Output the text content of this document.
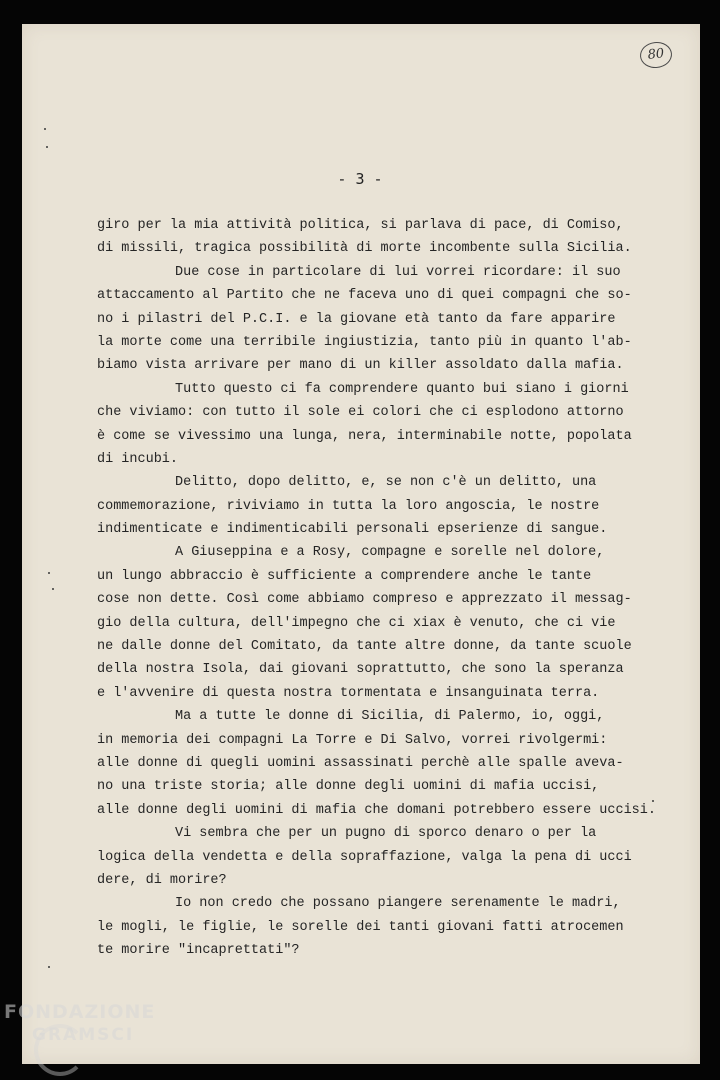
80
- 3 -
giro per la mia attività politica, si parlava di pace, di Comiso,
di missili, tragica possibilità di morte incombente sulla Sicilia.
Due cose in particolare di lui vorrei ricordare: il suo
attaccamento al Partito che ne faceva uno di quei compagni che so-
no i pilastri del P.C.I. e la giovane età tanto da fare apparire
la morte come una terribile ingiustizia, tanto più in quanto l'ab-
biamo vista arrivare per mano di un killer assoldato dalla mafia.
Tutto questo ci fa comprendere quanto bui siano i giorni
che viviamo: con tutto il sole ei colori che ci esplodono attorno
è come se vivessimo una lunga, nera, interminabile notte, popolata
di incubi.
Delitto, dopo delitto, e, se non c'è un delitto, una
commemorazione, riviviamo in tutta la loro angoscia, le nostre
indimenticate e indimenticabili personali epserienze di sangue.
A Giuseppina e a Rosy, compagne e sorelle nel dolore,
un lungo abbraccio è sufficiente a comprendere anche le tante
cose non dette. Così come abbiamo compreso e apprezzato il messag-
gio della cultura, dell'impegno che ci xiax è venuto, che ci vie
ne dalle donne del Comitato, da tante altre donne, da tante scuole
della nostra Isola, dai giovani soprattutto, che sono la speranza
e l'avvenire di questa nostra tormentata e insanguinata terra.
Ma a tutte le donne di Sicilia, di Palermo, io, oggi,
in memoria dei compagni La Torre e Di Salvo, vorrei rivolgermi:
alle donne di quegli uomini assassinati perchè alle spalle aveva-
no una triste storia; alle donne degli uomini di mafia uccisi,
alle donne degli uomini di mafia che domani potrebbero essere uccisi.
Vi sembra che per un pugno di sporco denaro o per la
logica della vendetta e della sopraffazione, valga la pena di ucci
dere, di morire?
Io non credo che possano piangere serenamente le madri,
le mogli, le figlie, le sorelle dei tanti giovani fatti atrocemen
te morire "incaprettati"?
FONDAZIONE
GRAMSCI
